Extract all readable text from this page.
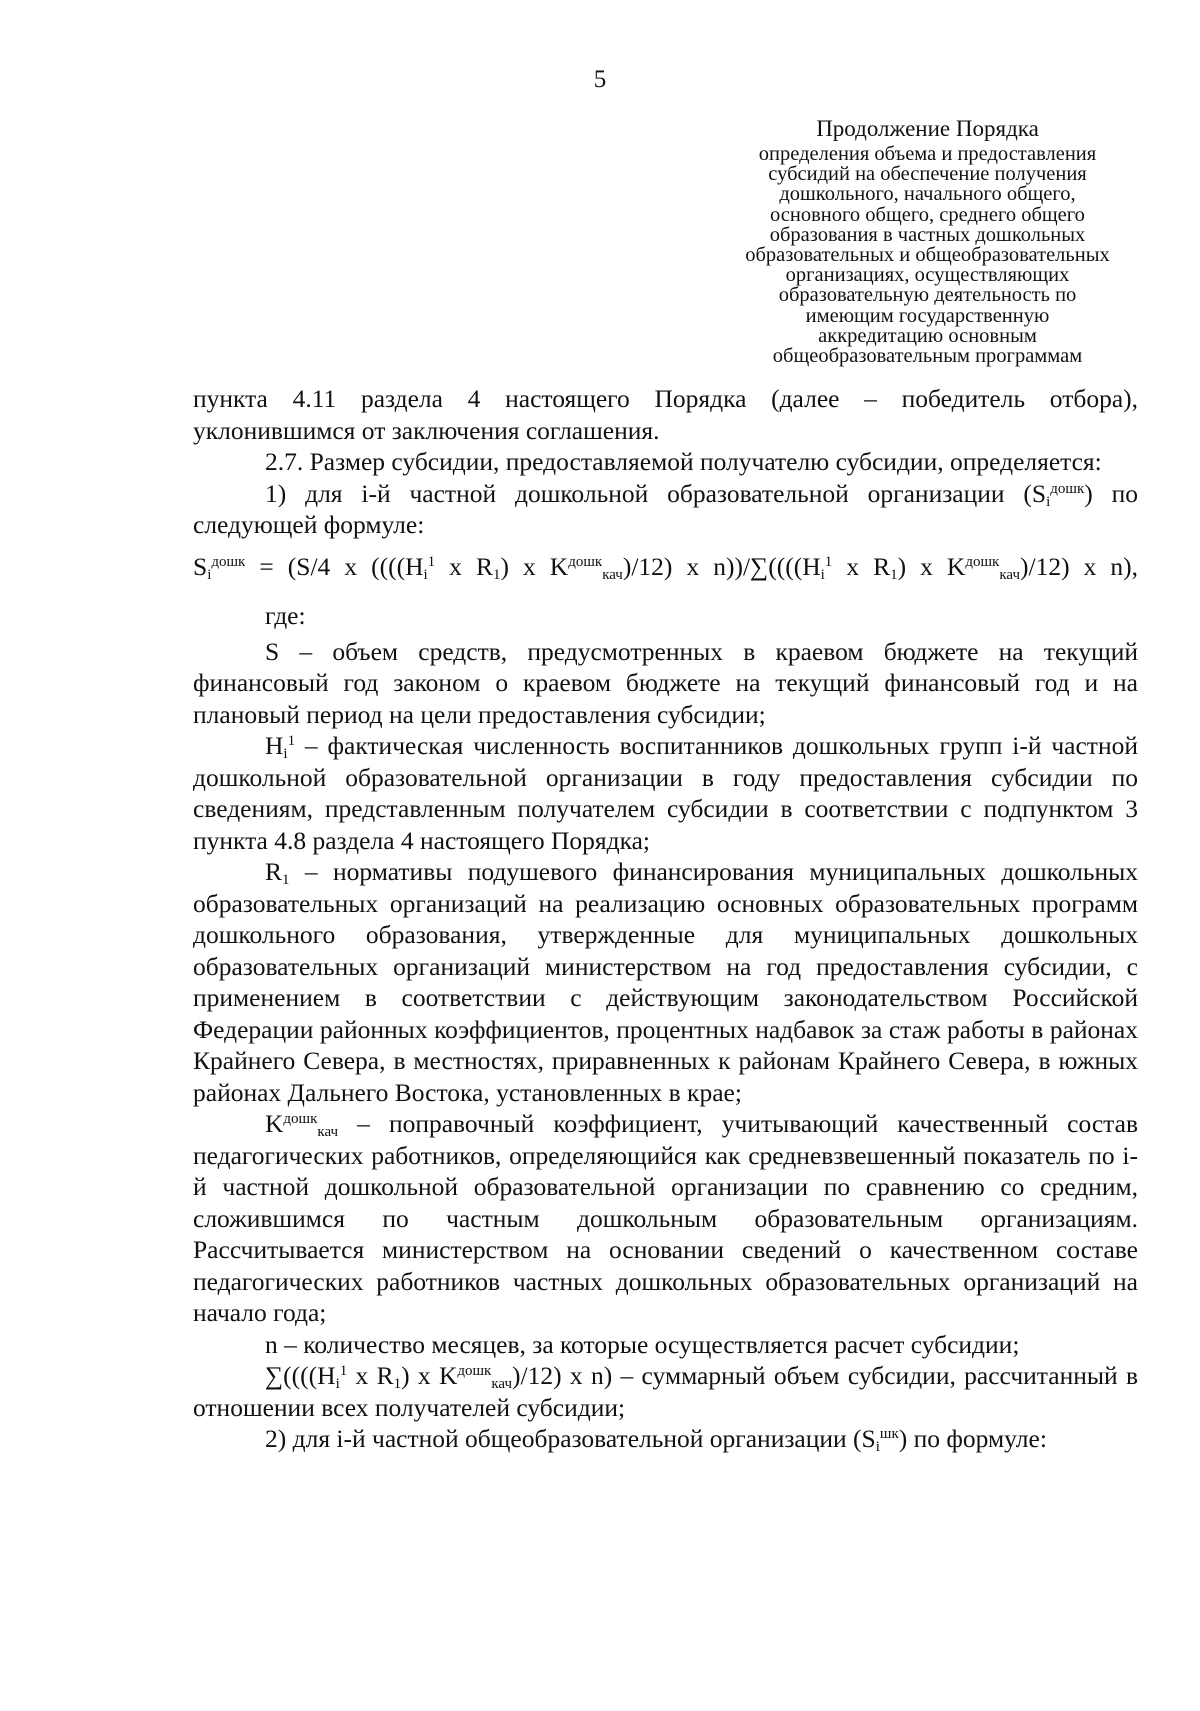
5
Продолжение Порядка
определения объема и предоставления
субсидий на обеспечение получения
дошкольного, начального общего,
основного общего, среднего общего
образования в частных дошкольных
образовательных и общеобразовательных
организациях, осуществляющих
образовательную деятельность по
имеющим государственную
аккредитацию основным
общеобразовательным программам

пункта 4.11 раздела 4 настоящего Порядка (далее – победитель отбора), уклонившимся от заключения соглашения.

2.7. Размер субсидии, предоставляемой получателю субсидии, определяется:

1) для i-й частной дошкольной образовательной организации $(S_i^{дошк})$ по следующей формуле:

$S_i^{дошк} = (S/4$ x (((($H_i^1$ x $R_1$) x $K^{дошк}_{кач})/12$) x $n))/\sum((((H_i^1$ x $R_1$) x $K^{дошк}_{кач})/12$) x n),

где:

S – объем средств, предусмотренных в краевом бюджете на текущий финансовый год законом о краевом бюджете на текущий финансовый год и на плановый период на цели предоставления субсидии;

$H_i^1$ – фактическая численность воспитанников дошкольных групп i-й частной дошкольной образовательной организации в году предоставления субсидии по сведениям, представленным получателем субсидии в соответствии с подпунктом 3 пункта 4.8 раздела 4 настоящего Порядка;

$R_1$ – нормативы подушевого финансирования муниципальных дошкольных образовательных организаций на реализацию основных образовательных программ дошкольного образования, утвержденные для муниципальных дошкольных образовательных организаций министерством на год предоставления субсидии, с применением в соответствии с действующим законодательством Российской Федерации районных коэффициентов, процентных надбавок за стаж работы в районах Крайнего Севера, в местностях, приравненных к районам Крайнего Севера, в южных районах Дальнего Востока, установленных в крае;

$K^{дошк}_{кач}$ – поправочный коэффициент, учитывающий качественный состав педагогических работников, определяющийся как средневзвешенный показатель по i-й частной дошкольной образовательной организации по сравнению со средним, сложившимся по частным дошкольным образовательным организациям. Рассчитывается министерством на основании сведений о качественном составе педагогических работников частных дошкольных образовательных организаций на начало года;

n – количество месяцев, за которые осуществляется расчет субсидии;

$\sum((((H_i^1$ x $R_1$) x $K^{дошк}_{кач})/12$) x n) – суммарный объем субсидии, рассчитанный в отношении всех получателей субсидии;

2) для i-й частной общеобразовательной организации $(S_i^{шк})$ по формуле:
